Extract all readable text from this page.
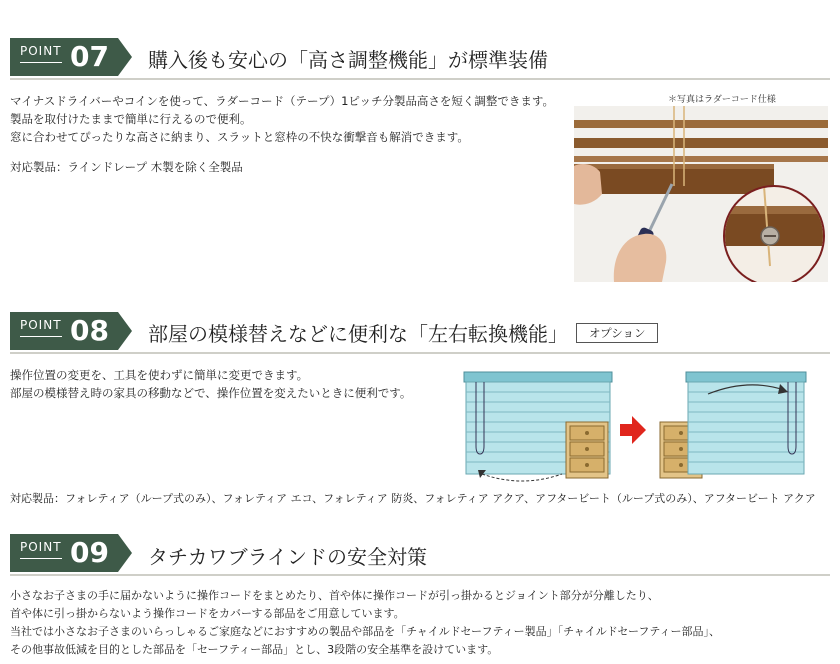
POINT 07 購入後も安心の「高さ調整機能」が標準装備
マイナスドライバーやコインを使って、ラダーコード（テープ）1ピッチ分製品高さを短く調整できます。
製品を取付けたままで簡単に行えるので便利。
窓に合わせてぴったりな高さに納まり、スラットと窓枠の不快な衝撃音も解消できます。
対応製品：ラインドレープ 木製を除く全製品
＊写真はラダーコード仕様
POINT 08 部屋の模様替えなどに便利な「左右転換機能」 オプション
操作位置の変更を、工具を使わずに簡単に変更できます。
部屋の模様替え時の家具の移動などで、操作位置を変えたいときに便利です。
対応製品：フォレティア（ループ式のみ）、フォレティア エコ、フォレティア 防炎、フォレティア アクア、アフタービート（ループ式のみ）、アフタービート アクア
POINT 09 タチカワブラインドの安全対策
小さなお子さまの手に届かないように操作コードをまとめたり、首や体に操作コードが引っ掛かるとジョイント部分が分離したり、
首や体に引っ掛からないよう操作コードをカバーする部品をご用意しています。
当社では小さなお子さまのいらっしゃるご家庭などにおすすめの製品や部品を「チャイルドセーフティー製品」「チャイルドセーフティー部品」、
その他事故低減を目的とした部品を「セーフティー部品」とし、3段階の安全基準を設けています。
